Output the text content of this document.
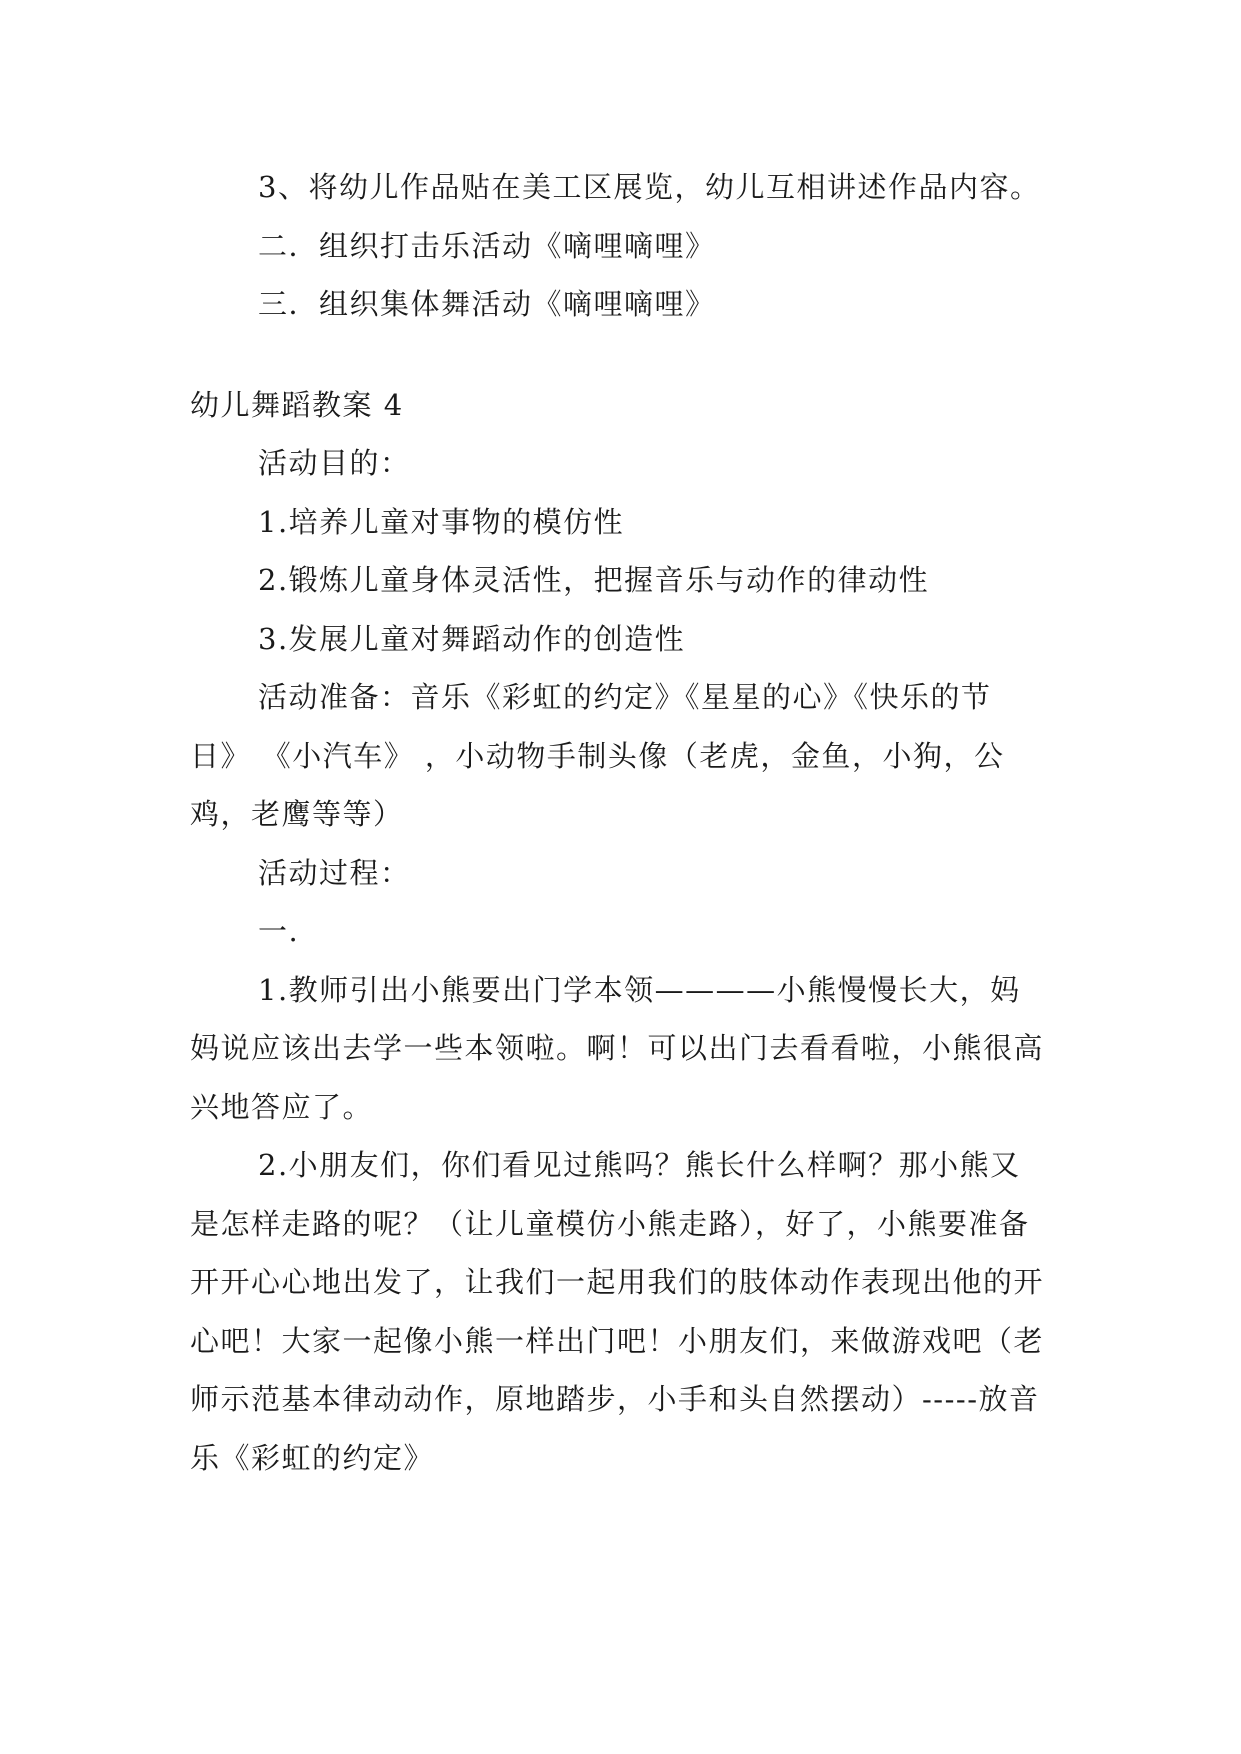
3、将幼儿作品贴在美工区展览，幼儿互相讲述作品内容。

二．组织打击乐活动《嘀哩嘀哩》

三．组织集体舞活动《嘀哩嘀哩》

幼儿舞蹈教案 4

活动目的：

1.培养儿童对事物的模仿性

2.锻炼儿童身体灵活性，把握音乐与动作的律动性

3.发展儿童对舞蹈动作的创造性

活动准备：音乐《彩虹的约定》《星星的心》《快乐的节日》 《小汽车》 ，小动物手制头像（老虎，金鱼，小狗，公鸡，老鹰等等）

活动过程：

一.

1.教师引出小熊要出门学本领————小熊慢慢长大，妈妈说应该出去学一些本领啦。啊！可以出门去看看啦，小熊很高兴地答应了。

2.小朋友们，你们看见过熊吗？熊长什么样啊？那小熊又是怎样走路的呢？（让儿童模仿小熊走路），好了，小熊要准备开开心心地出发了，让我们一起用我们的肢体动作表现出他的开心吧！大家一起像小熊一样出门吧！小朋友们，来做游戏吧（老师示范基本律动动作，原地踏步，小手和头自然摆动）-----放音乐《彩虹的约定》
